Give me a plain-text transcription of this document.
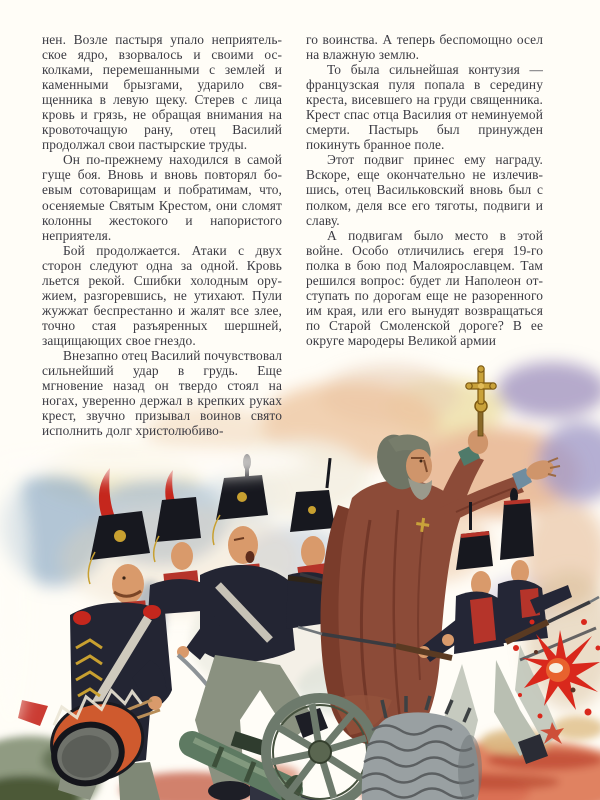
нен. Возле пастыря упало неприятельское ядро, взорвалось и своими осколками, перемешанными с землей и каменными брызгами, ударило священника в левую щеку. Стерев с лица кровь и грязь, не обращая внимания на кровоточащую рану, отец Василий продолжал свои пастырские труды.

Он по-прежнему находился в самой гуще боя. Вновь и вновь повторял боевым сотоварищам и побратимам, что, осеняемые Святым Крестом, они сломят колонны жестокого и напористого неприятеля.

Бой продолжается. Атаки с двух сторон следуют одна за одной. Кровь льется рекой. Сшибки холодным оружием, разгоревшись, не утихают. Пули жужжат беспрестанно и жалят все злее, точно стая разъяренных шершней, защищающих свое гнездо.

Внезапно отец Василий почувствовал сильнейший удар в грудь. Еще мгновение назад он твердо стоял на ногах, уверенно держал в крепких руках крест, звучно призывал воинов свято исполнить долг христолюбиво-

го воинства. А теперь беспомощно осел на влажную землю.

То была сильнейшая контузия — французская пуля попала в середину креста, висевшего на груди священника. Крест спас отца Василия от неминуемой смерти. Пастырь был принужден покинуть бранное поле.

Этот подвиг принес ему награду. Вскоре, еще окончательно не излечившись, отец Васильковский вновь был с полком, деля все его тяготы, подвиги и славу.

А подвигам было место в этой войне. Особо отличились егеря 19-го полка в бою под Малоярославцем. Там решился вопрос: будет ли Наполеон отступать по дорогам еще не разоренного им края, или его вынудят возвращаться по Старой Смоленской дороге? В ее округе мародеры Великой армии
